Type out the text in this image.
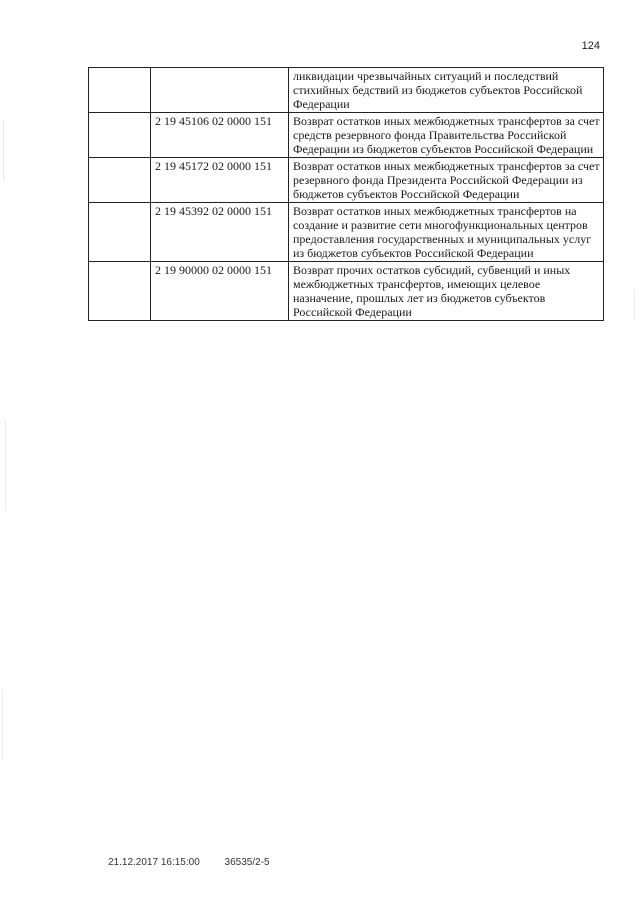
124
		ликвидации чрезвычайных ситуаций и последствий стихийных бедствий из бюджетов субъектов Российской Федерации
	2 19 45106 02 0000 151	Возврат остатков иных межбюджетных трансфертов за счет средств резервного фонда Правительства Российской Федерации из бюджетов субъектов Российской Федерации
	2 19 45172 02 0000 151	Возврат остатков иных межбюджетных трансфертов за счет резервного фонда Президента Российской Федерации из бюджетов субъектов Российской Федерации
	2 19 45392 02 0000 151	Возврат остатков иных межбюджетных трансфертов на создание и развитие сети многофункциональных центров предоставления государственных и муниципальных услуг из бюджетов субъектов Российской Федерации
	2 19 90000 02 0000 151	Возврат прочих остатков субсидий, субвенций и иных межбюджетных трансфертов, имеющих целевое назначение, прошлых лет из бюджетов субъектов Российской Федерации
21.12.2017 16:15:00 36535/2-5
